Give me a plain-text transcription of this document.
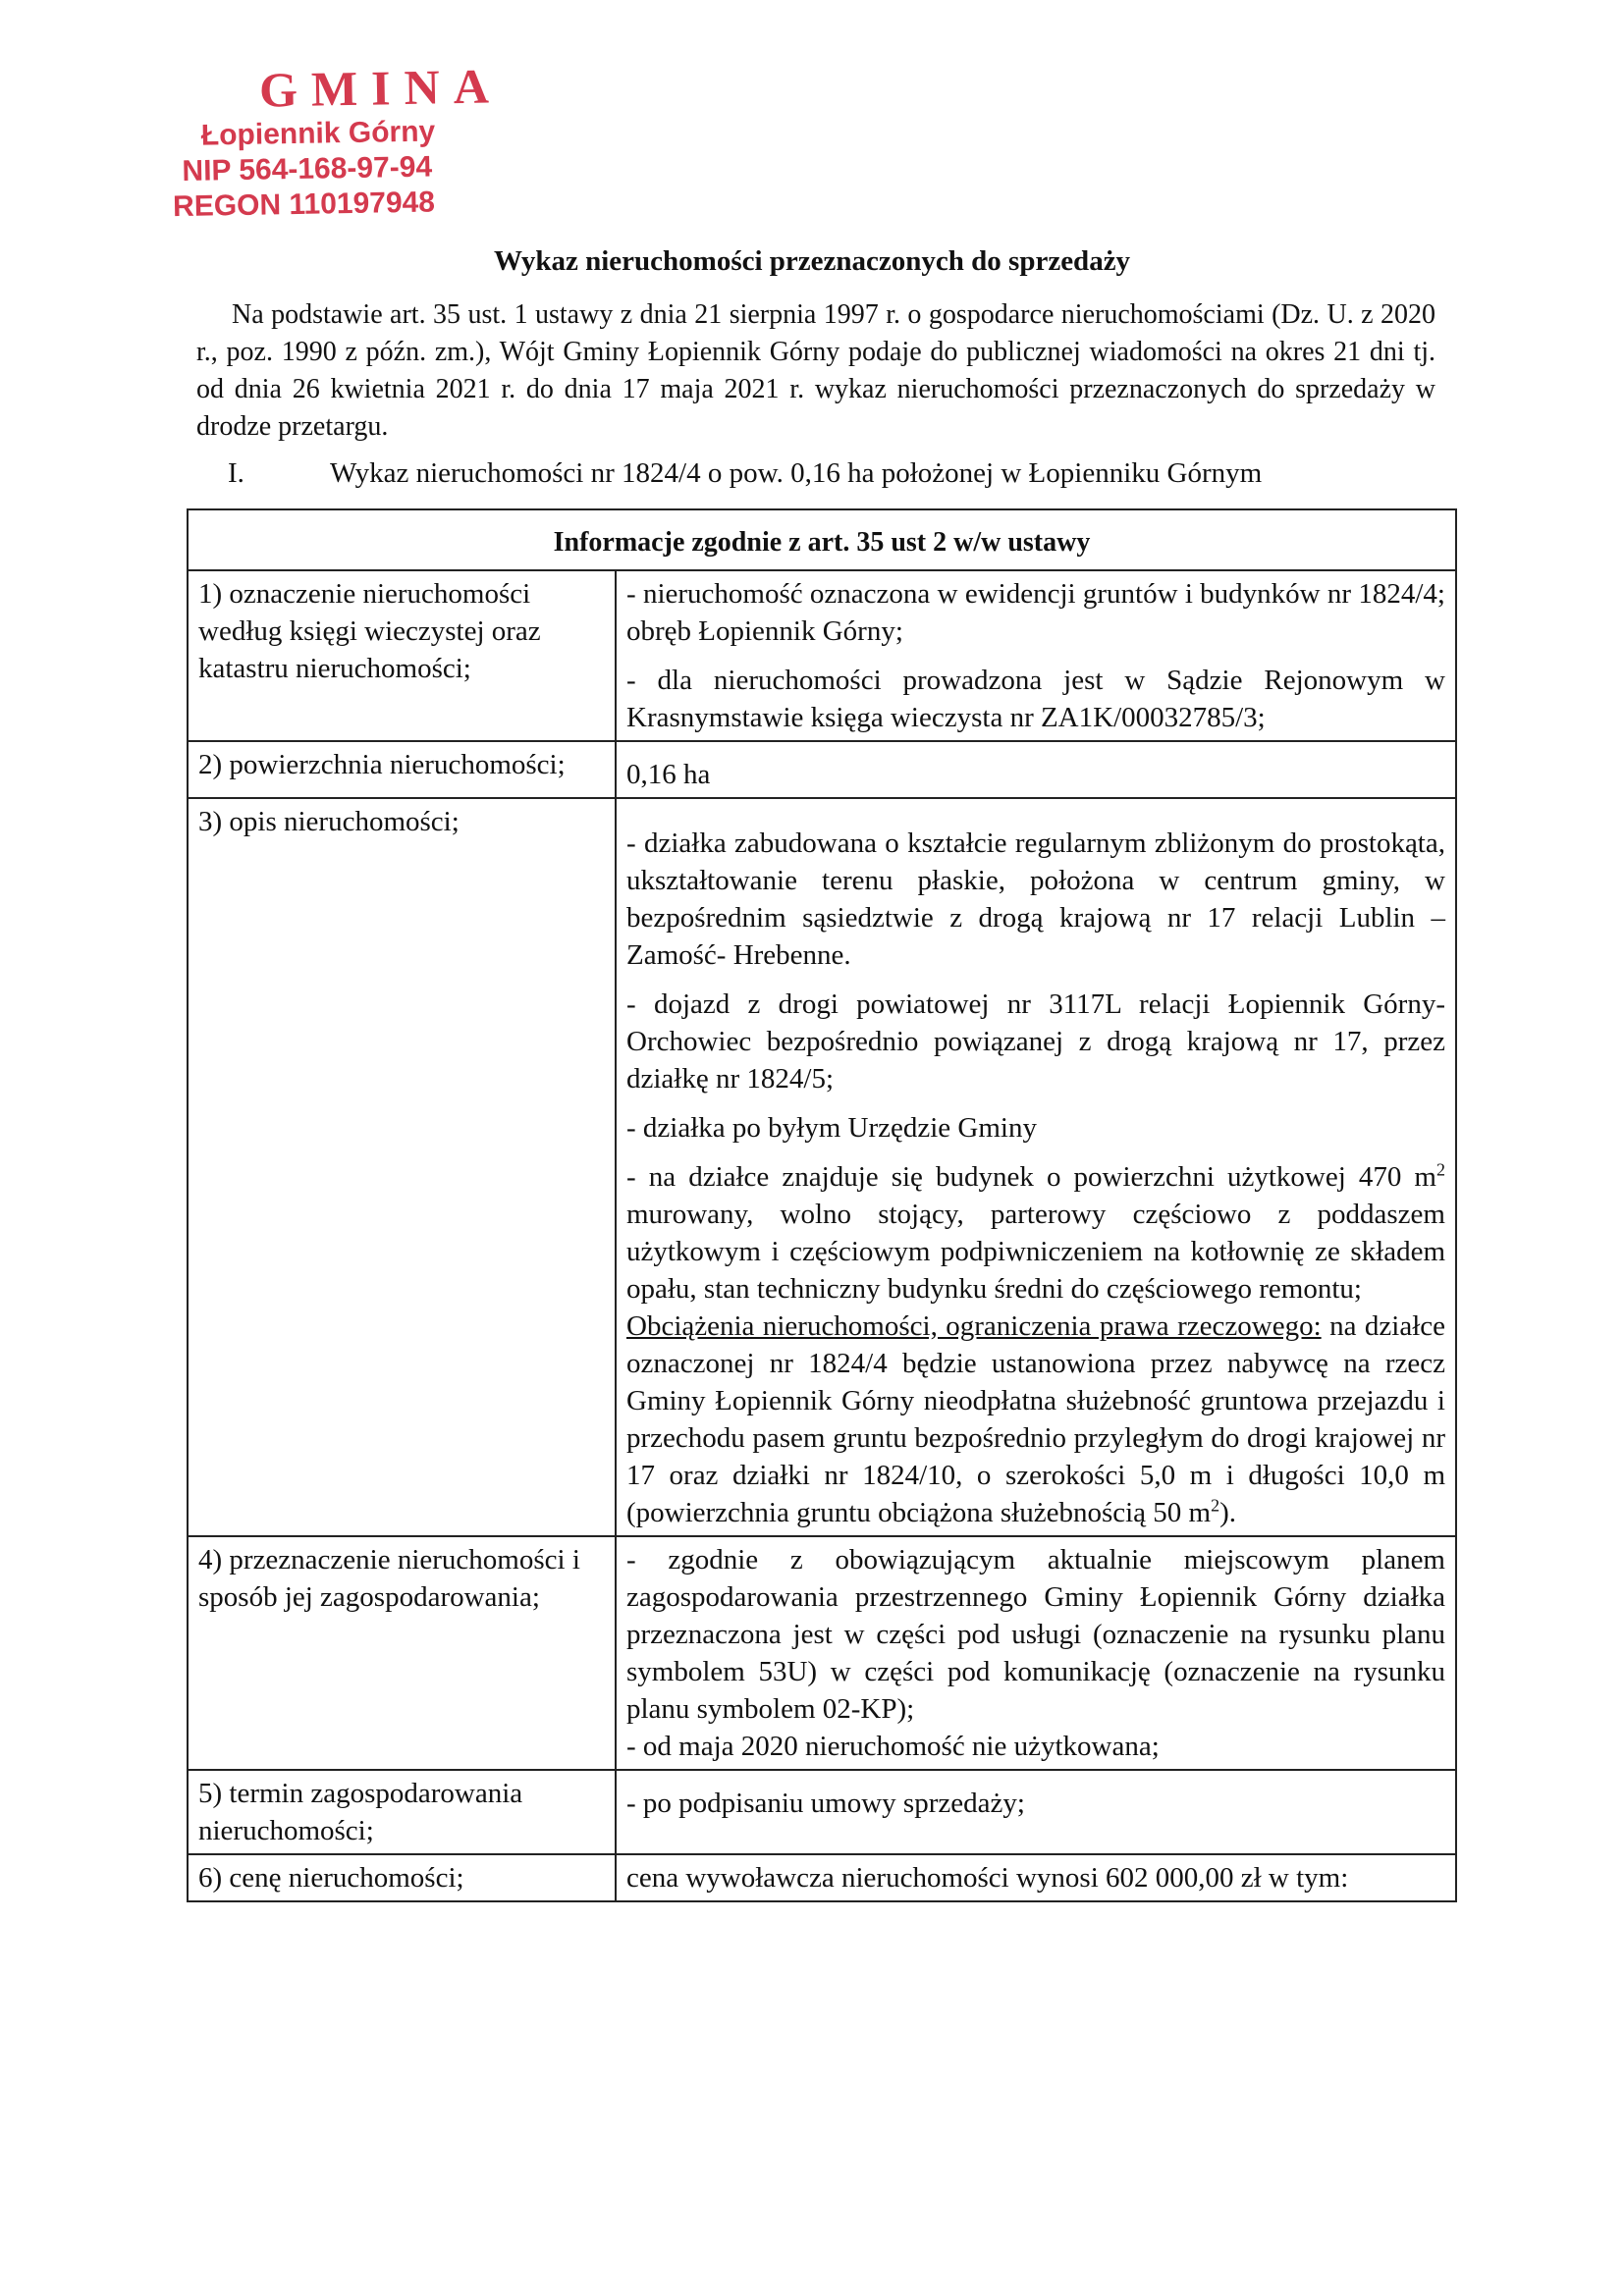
GMINA
Łopiennik Górny
NIP 564-168-97-94
REGON 110197948
Wykaz nieruchomości przeznaczonych do sprzedaży

Na podstawie art. 35 ust. 1 ustawy z dnia 21 sierpnia 1997 r. o gospodarce nieruchomościami (Dz. U. z 2020 r., poz. 1990 z późn. zm.), Wójt Gminy Łopiennik Górny podaje do publicznej wiadomości na okres 21 dni tj. od dnia 26 kwietnia 2021 r. do dnia 17 maja 2021 r. wykaz nieruchomości przeznaczonych do sprzedaży w drodze przetargu.

I.	Wykaz nieruchomości nr 1824/4 o pow. 0,16 ha położonej w Łopienniku Górnym
Informacje zgodnie z art. 35 ust 2 w/w ustawy	
1) oznaczenie nieruchomości według księgi wieczystej oraz katastru nieruchomości;	- nieruchomość oznaczona w ewidencji gruntów i budynków nr 1824/4; obręb Łopiennik Górny;

- dla nieruchomości prowadzona jest w Sądzie Rejonowym w Krasnymstawie księga wieczysta nr ZA1K/00032785/3;

2) powierzchnia nieruchomości;	0,16 ha

3) opis nieruchomości;	- działka zabudowana o kształcie regularnym zbliżonym do prostokąta, ukształtowanie terenu płaskie, położona w centrum gminy, w bezpośrednim sąsiedztwie z drogą krajową nr 17 relacji Lublin –Zamość- Hrebenne.

- dojazd z drogi powiatowej nr 3117L relacji Łopiennik Górny-Orchowiec bezpośrednio powiązanej z drogą krajową nr 17, przez działkę nr 1824/5;

- działka po byłym Urzędzie Gminy

- na działce znajduje się budynek o powierzchni użytkowej 470 $m^2$ murowany, wolno stojący, parterowy częściowo z poddaszem użytkowym i częściowym podpiwniczeniem na kotłownię ze składem opału, stan techniczny budynku średni do częściowego remontu;
Obciążenia nieruchomości, ograniczenia prawa rzeczowego: na działce oznaczonej nr 1824/4 będzie ustanowiona przez nabywcę na rzecz Gminy Łopiennik Górny nieodpłatna służebność gruntowa przejazdu i przechodu pasem gruntu bezpośrednio przyległym do drogi krajowej nr 17 oraz działki nr 1824/10, o szerokości 5,0 m i długości 10,0 m (powierzchnia gruntu obciążona służebnością 50 $m^2$).

4) przeznaczenie nieruchomości i sposób jej zagospodarowania;	- zgodnie z obowiązującym aktualnie miejscowym planem zagospodarowania przestrzennego Gminy Łopiennik Górny działka przeznaczona jest w części pod usługi (oznaczenie na rysunku planu symbolem 53U) w części pod komunikację (oznaczenie na rysunku planu symbolem 02-KP);

- od maja 2020 nieruchomość nie użytkowana;

5) termin zagospodarowania nieruchomości;	- po podpisaniu umowy sprzedaży;

6) cenę nieruchomości;	cena wywoławcza nieruchomości wynosi 602 000,00 zł w tym:
